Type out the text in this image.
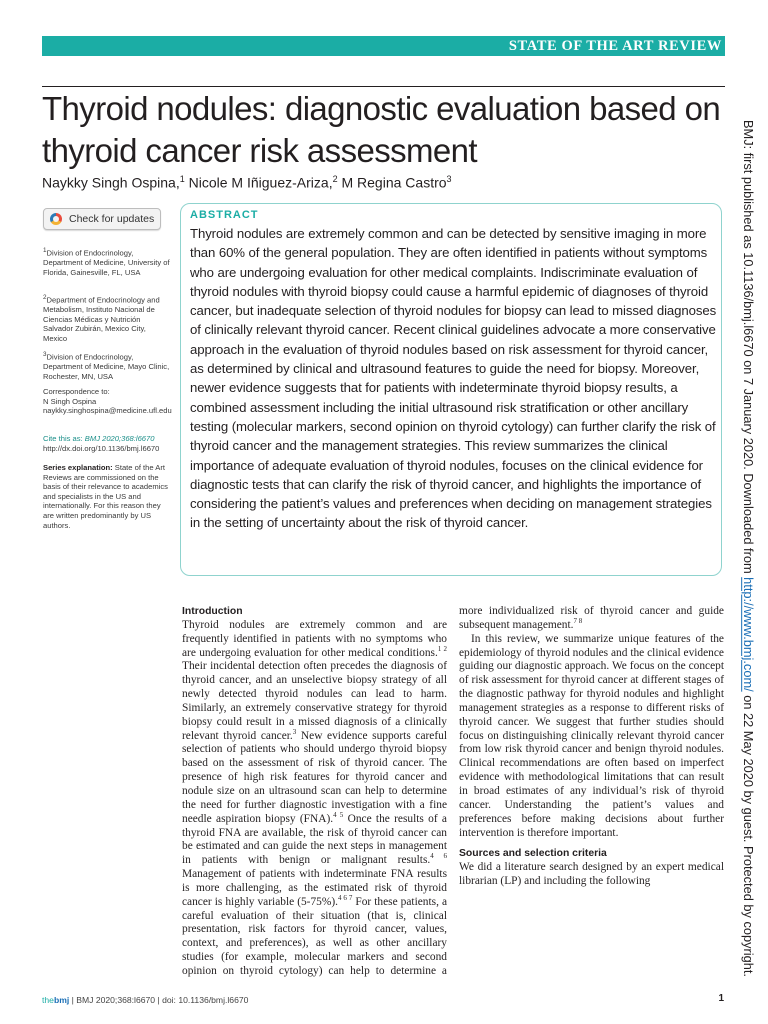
STATE OF THE ART REVIEW
Thyroid nodules: diagnostic evaluation based on thyroid cancer risk assessment
Naykky Singh Ospina,$^1$ Nicole M Iñiguez-Ariza,$^2$ M Regina Castro$^3$
Check for updates
$^1$Division of Endocrinology, Department of Medicine, University of Florida, Gainesville, FL, USA
$^2$Department of Endocrinology and Metabolism, Instituto Nacional de Ciencias Médicas y Nutrición Salvador Zubirán, Mexico City, Mexico
$^3$Division of Endocrinology, Department of Medicine, Mayo Clinic, Rochester, MN, USA
Correspondence to:
N Singh Ospina
naykky.singhospina@medicine.ufl.edu
Cite this as: BMJ 2020;368:l6670
http://dx.doi.org/10.1136/bmj.l6670
Series explanation: State of the Art Reviews are commissioned on the basis of their relevance to academics and specialists in the US and internationally. For this reason they are written predominantly by US authors.
ABSTRACT
Thyroid nodules are extremely common and can be detected by sensitive imaging in more than 60% of the general population. They are often identified in patients without symptoms who are undergoing evaluation for other medical complaints. Indiscriminate evaluation of thyroid nodules with thyroid biopsy could cause a harmful epidemic of diagnoses of thyroid cancer, but inadequate selection of thyroid nodules for biopsy can lead to missed diagnoses of clinically relevant thyroid cancer. Recent clinical guidelines advocate a more conservative approach in the evaluation of thyroid nodules based on risk assessment for thyroid cancer, as determined by clinical and ultrasound features to guide the need for biopsy. Moreover, newer evidence suggests that for patients with indeterminate thyroid biopsy results, a combined assessment including the initial ultrasound risk stratification or other ancillary testing (molecular markers, second opinion on thyroid cytology) can further clarify the risk of thyroid cancer and the management strategies. This review summarizes the clinical importance of adequate evaluation of thyroid nodules, focuses on the clinical evidence for diagnostic tests that can clarify the risk of thyroid cancer, and highlights the importance of considering the patient’s values and preferences when deciding on management strategies in the setting of uncertainty about the risk of thyroid cancer.
Introduction

Thyroid nodules are extremely common and are frequently identified in patients with no symptoms who are undergoing evaluation for other medical conditions.$^{1 2}$ Their incidental detection often precedes the diagnosis of thyroid cancer, and an unselective biopsy strategy of all newly detected thyroid nodules can lead to harm. Similarly, an extremely conservative strategy for thyroid biopsy could result in a missed diagnosis of a clinically relevant thyroid cancer.$^3$ New evidence supports careful selection of patients who should undergo thyroid biopsy based on the assessment of risk of thyroid cancer. The presence of high risk features for thyroid cancer and nodule size on an ultrasound scan can help to determine the need for further diagnostic investigation with a fine needle aspiration biopsy (FNA).$^{4 5}$ Once the results of a thyroid FNA are available, the risk of thyroid cancer can be estimated and can guide the next steps in management in patients with benign or malignant results.$^{4 6}$ Management of patients with indeterminate FNA results is more challenging, as the estimated risk of thyroid cancer is highly variable (5-75%).$^{4 6 7}$ For these patients, a careful evaluation of their situation (that is, clinical presentation, risk factors for thyroid cancer, values, context, and preferences), as well as other ancillary studies (for example, molecular markers and second opinion on thyroid cytology) can help to determine a more individualized risk of thyroid cancer and guide subsequent management.$^{7 8}$

In this review, we summarize unique features of the epidemiology of thyroid nodules and the clinical evidence guiding our diagnostic approach. We focus on the concept of risk assessment for thyroid cancer at different stages of the diagnostic pathway for thyroid nodules and highlight management strategies as a response to different risks of thyroid cancer. We suggest that further studies should focus on distinguishing clinically relevant thyroid cancer from low risk thyroid cancer and benign thyroid nodules. Clinical recommendations are often based on imperfect evidence with methodological limitations that can result in broad estimates of any individual’s risk of thyroid cancer. Understanding the patient’s values and preferences before making decisions about further intervention is therefore important.

Sources and selection criteria

We did a literature search designed by an expert medical librarian (LP) and including the following

BMJ: first published as 10.1136/bmj.l6670 on 7 January 2020. Downloaded from http://www.bmj.com/ on 22 May 2020 by guest. Protected by copyright.
thebmj | BMJ 2020;368:l6670 | doi: 10.1136/bmj.l6670	1
